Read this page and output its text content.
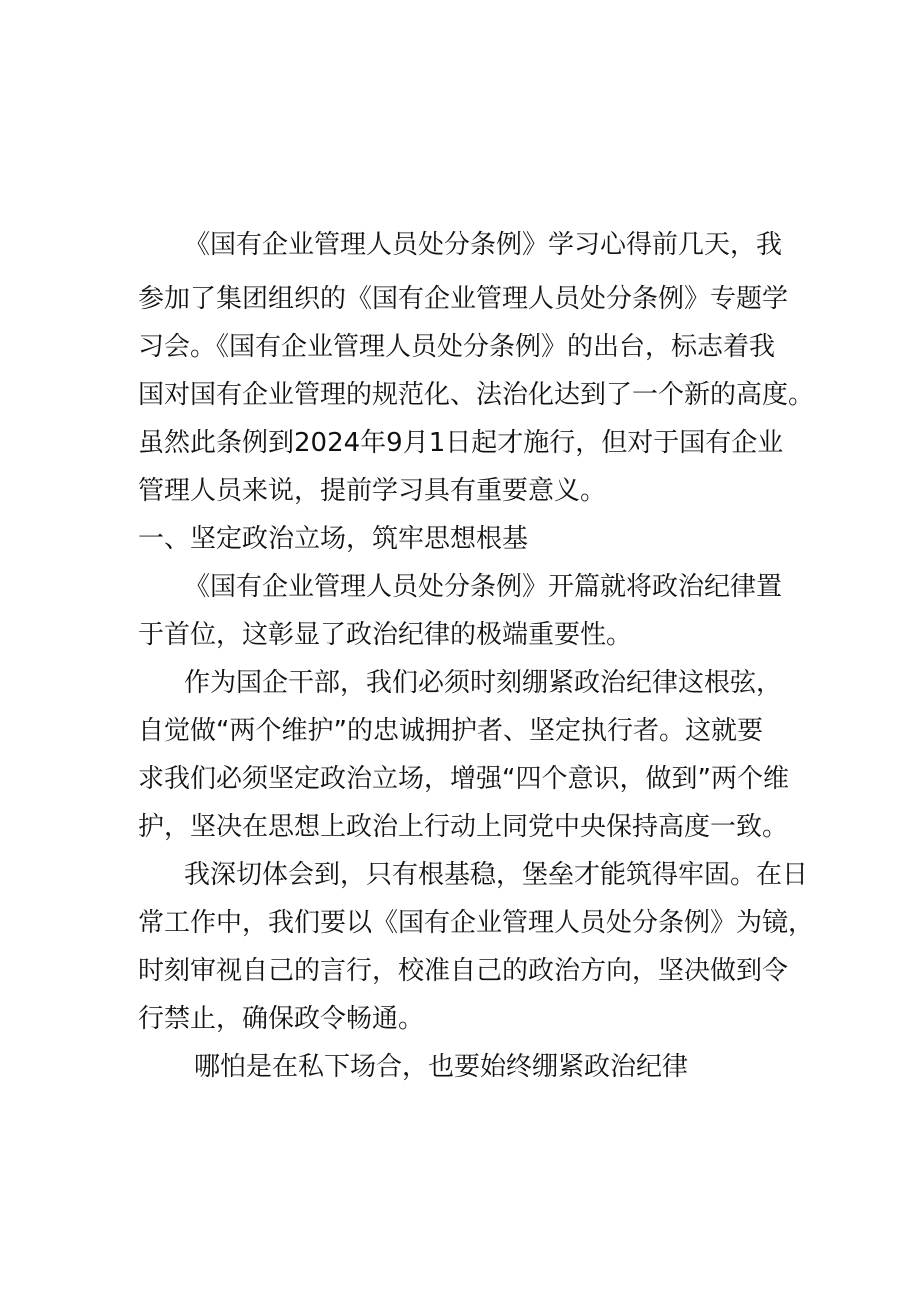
《国有企业管理人员处分条例》学习心得前几天，我

参加了集团组织的《国有企业管理人员处分条例》专题学

习会。《国有企业管理人员处分条例》的出台，标志着我

国对国有企业管理的规范化、法治化达到了一个新的高度。

虽然此条例到2024年9月1日起才施行，但对于国有企业

管理人员来说，提前学习具有重要意义。

一、坚定政治立场，筑牢思想根基

《国有企业管理人员处分条例》开篇就将政治纪律置

于首位，这彰显了政治纪律的极端重要性。

作为国企干部，我们必须时刻绷紧政治纪律这根弦，

自觉做“两个维护”的忠诚拥护者、坚定执行者。这就要

求我们必须坚定政治立场，增强“四个意识，做到”两个维

护，坚决在思想上政治上行动上同党中央保持高度一致。

我深切体会到，只有根基稳，堡垒才能筑得牢固。在日

常工作中，我们要以《国有企业管理人员处分条例》为镜，

时刻审视自己的言行，校准自己的政治方向，坚决做到令

行禁止，确保政令畅通。

哪怕是在私下场合，也要始终绷紧政治纪律
